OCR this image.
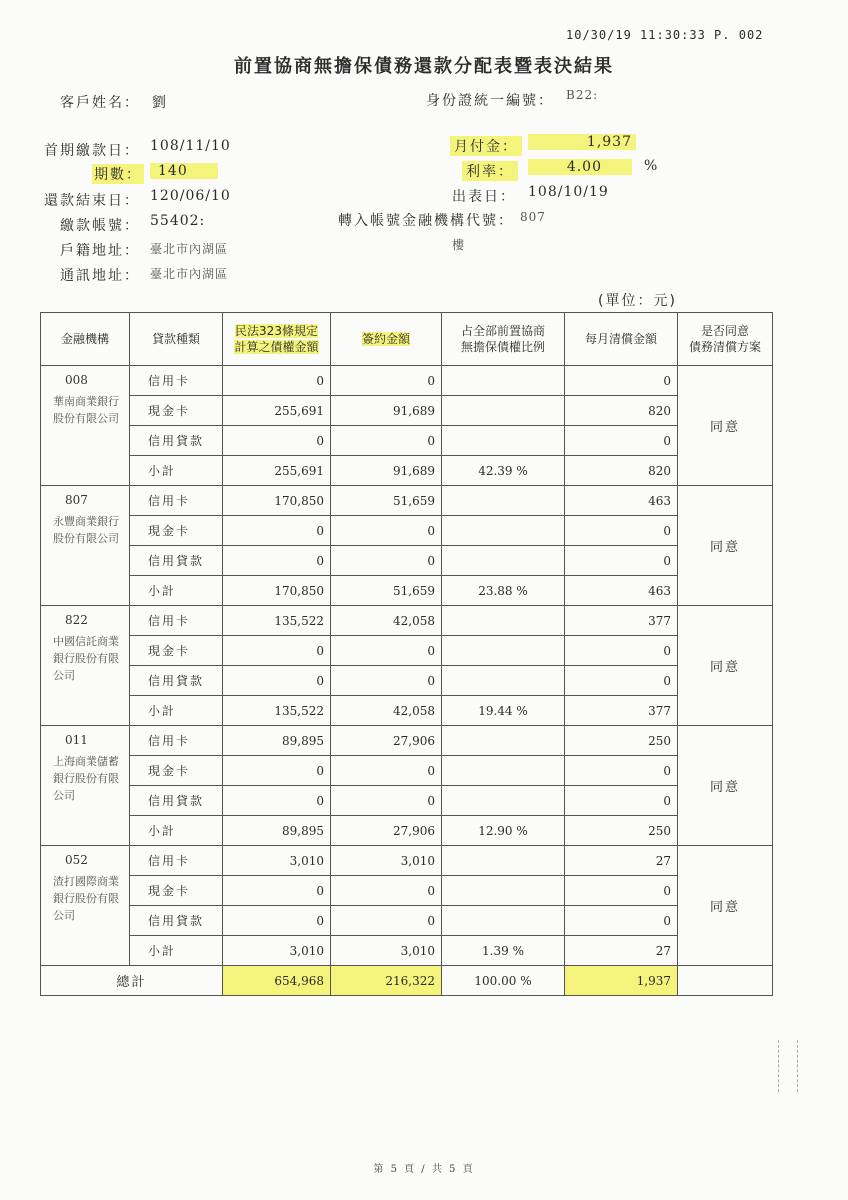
10/30/19 11:30:33 P. 002
前置協商無擔保債務還款分配表暨表決結果
客戶姓名： 劉
首期繳款日： 108/11/10
期數：	140
還款結束日： 120/06/10
繳款帳號： 55402:
戶籍地址： 臺北市內湖區
通訊地址： 臺北市內湖區
身份證統一編號： B22:
月付金：	1,937
利率：	4.00	%
出表日： 108/10/19
轉入帳號金融機構代號： 807
樓
(單位：元)
金融機構	貸款種類	民法323條規定
計算之債權金額	簽約金額	占全部前置協商
無擔保債權比例	每月清償金額	是否同意
債務清償方案

008
華南商業銀行股份有限公司	信用卡	0	0		0	同意
	現金卡	255,691	91,689		820	
	信用貸款	0	0		0	
	小計	255,691	91,689	42.39 %	820	

807
永豐商業銀行股份有限公司	信用卡	170,850	51,659		463	同意
	現金卡	0	0		0	
	信用貸款	0	0		0	
	小計	170,850	51,659	23.88 %	463	

822
中國信託商業銀行股份有限公司	信用卡	135,522	42,058		377	同意
	現金卡	0	0		0	
	信用貸款	0	0		0	
	小計	135,522	42,058	19.44 %	377	

011
上海商業儲蓄銀行股份有限公司	信用卡	89,895	27,906		250	同意
	現金卡	0	0		0	
	信用貸款	0	0		0	
	小計	89,895	27,906	12.90 %	250	

052
渣打國際商業銀行股份有限公司	信用卡	3,010	3,010		27	同意
	現金卡	0	0		0	
	信用貸款	0	0		0	
	小計	3,010	3,010	1.39 %	27	
總計		654,968	216,322	100.00 %	1,937	
第 5 頁 / 共 5 頁
